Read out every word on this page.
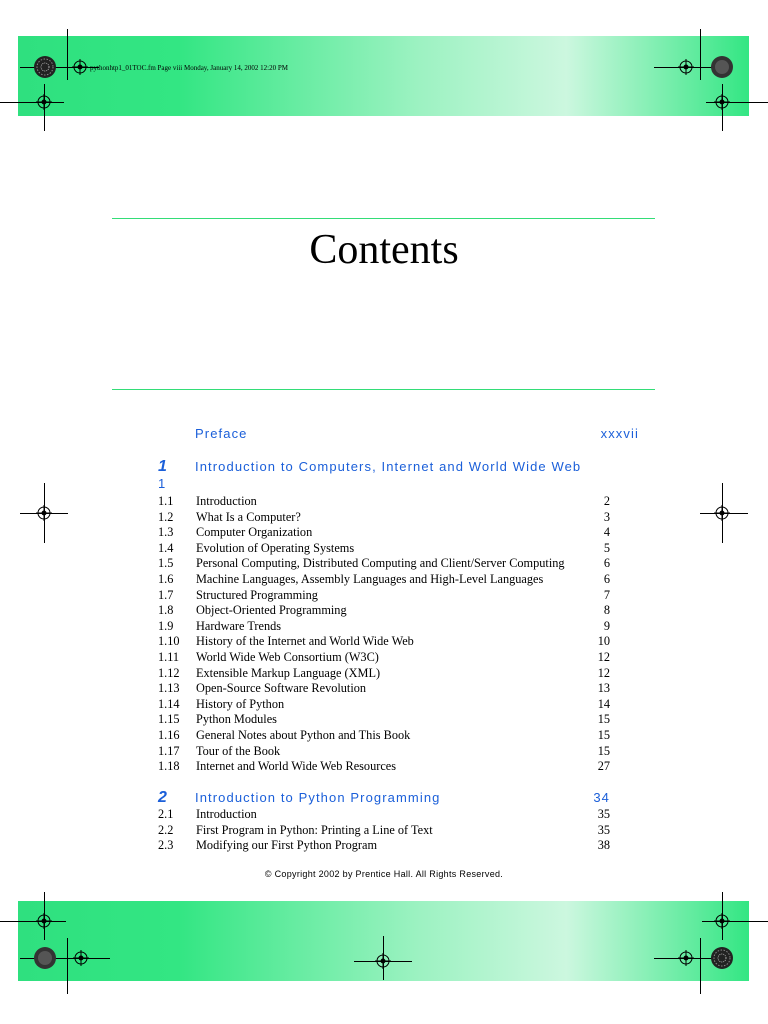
pythonhtp1_01TOC.fm Page viii Monday, January 14, 2002 12:20 PM
Contents
Preface	xxxvii
1 Introduction to Computers, Internet and World Wide Web
1
1.1 Introduction	2
1.2 What Is a Computer?	3
1.3 Computer Organization	4
1.4 Evolution of Operating Systems	5
1.5 Personal Computing, Distributed Computing and Client/Server Computing	6
1.6 Machine Languages, Assembly Languages and High-Level Languages	6
1.7 Structured Programming	7
1.8 Object-Oriented Programming	8
1.9 Hardware Trends	9
1.10 History of the Internet and World Wide Web	10
1.11 World Wide Web Consortium (W3C)	12
1.12 Extensible Markup Language (XML)	12
1.13 Open-Source Software Revolution	13
1.14 History of Python	14
1.15 Python Modules	15
1.16 General Notes about Python and This Book	15
1.17 Tour of the Book	15
1.18 Internet and World Wide Web Resources	27
2 Introduction to Python Programming	34
2.1 Introduction	35
2.2 First Program in Python: Printing a Line of Text	35
2.3 Modifying our First Python Program	38
© Copyright 2002 by Prentice Hall. All Rights Reserved.
